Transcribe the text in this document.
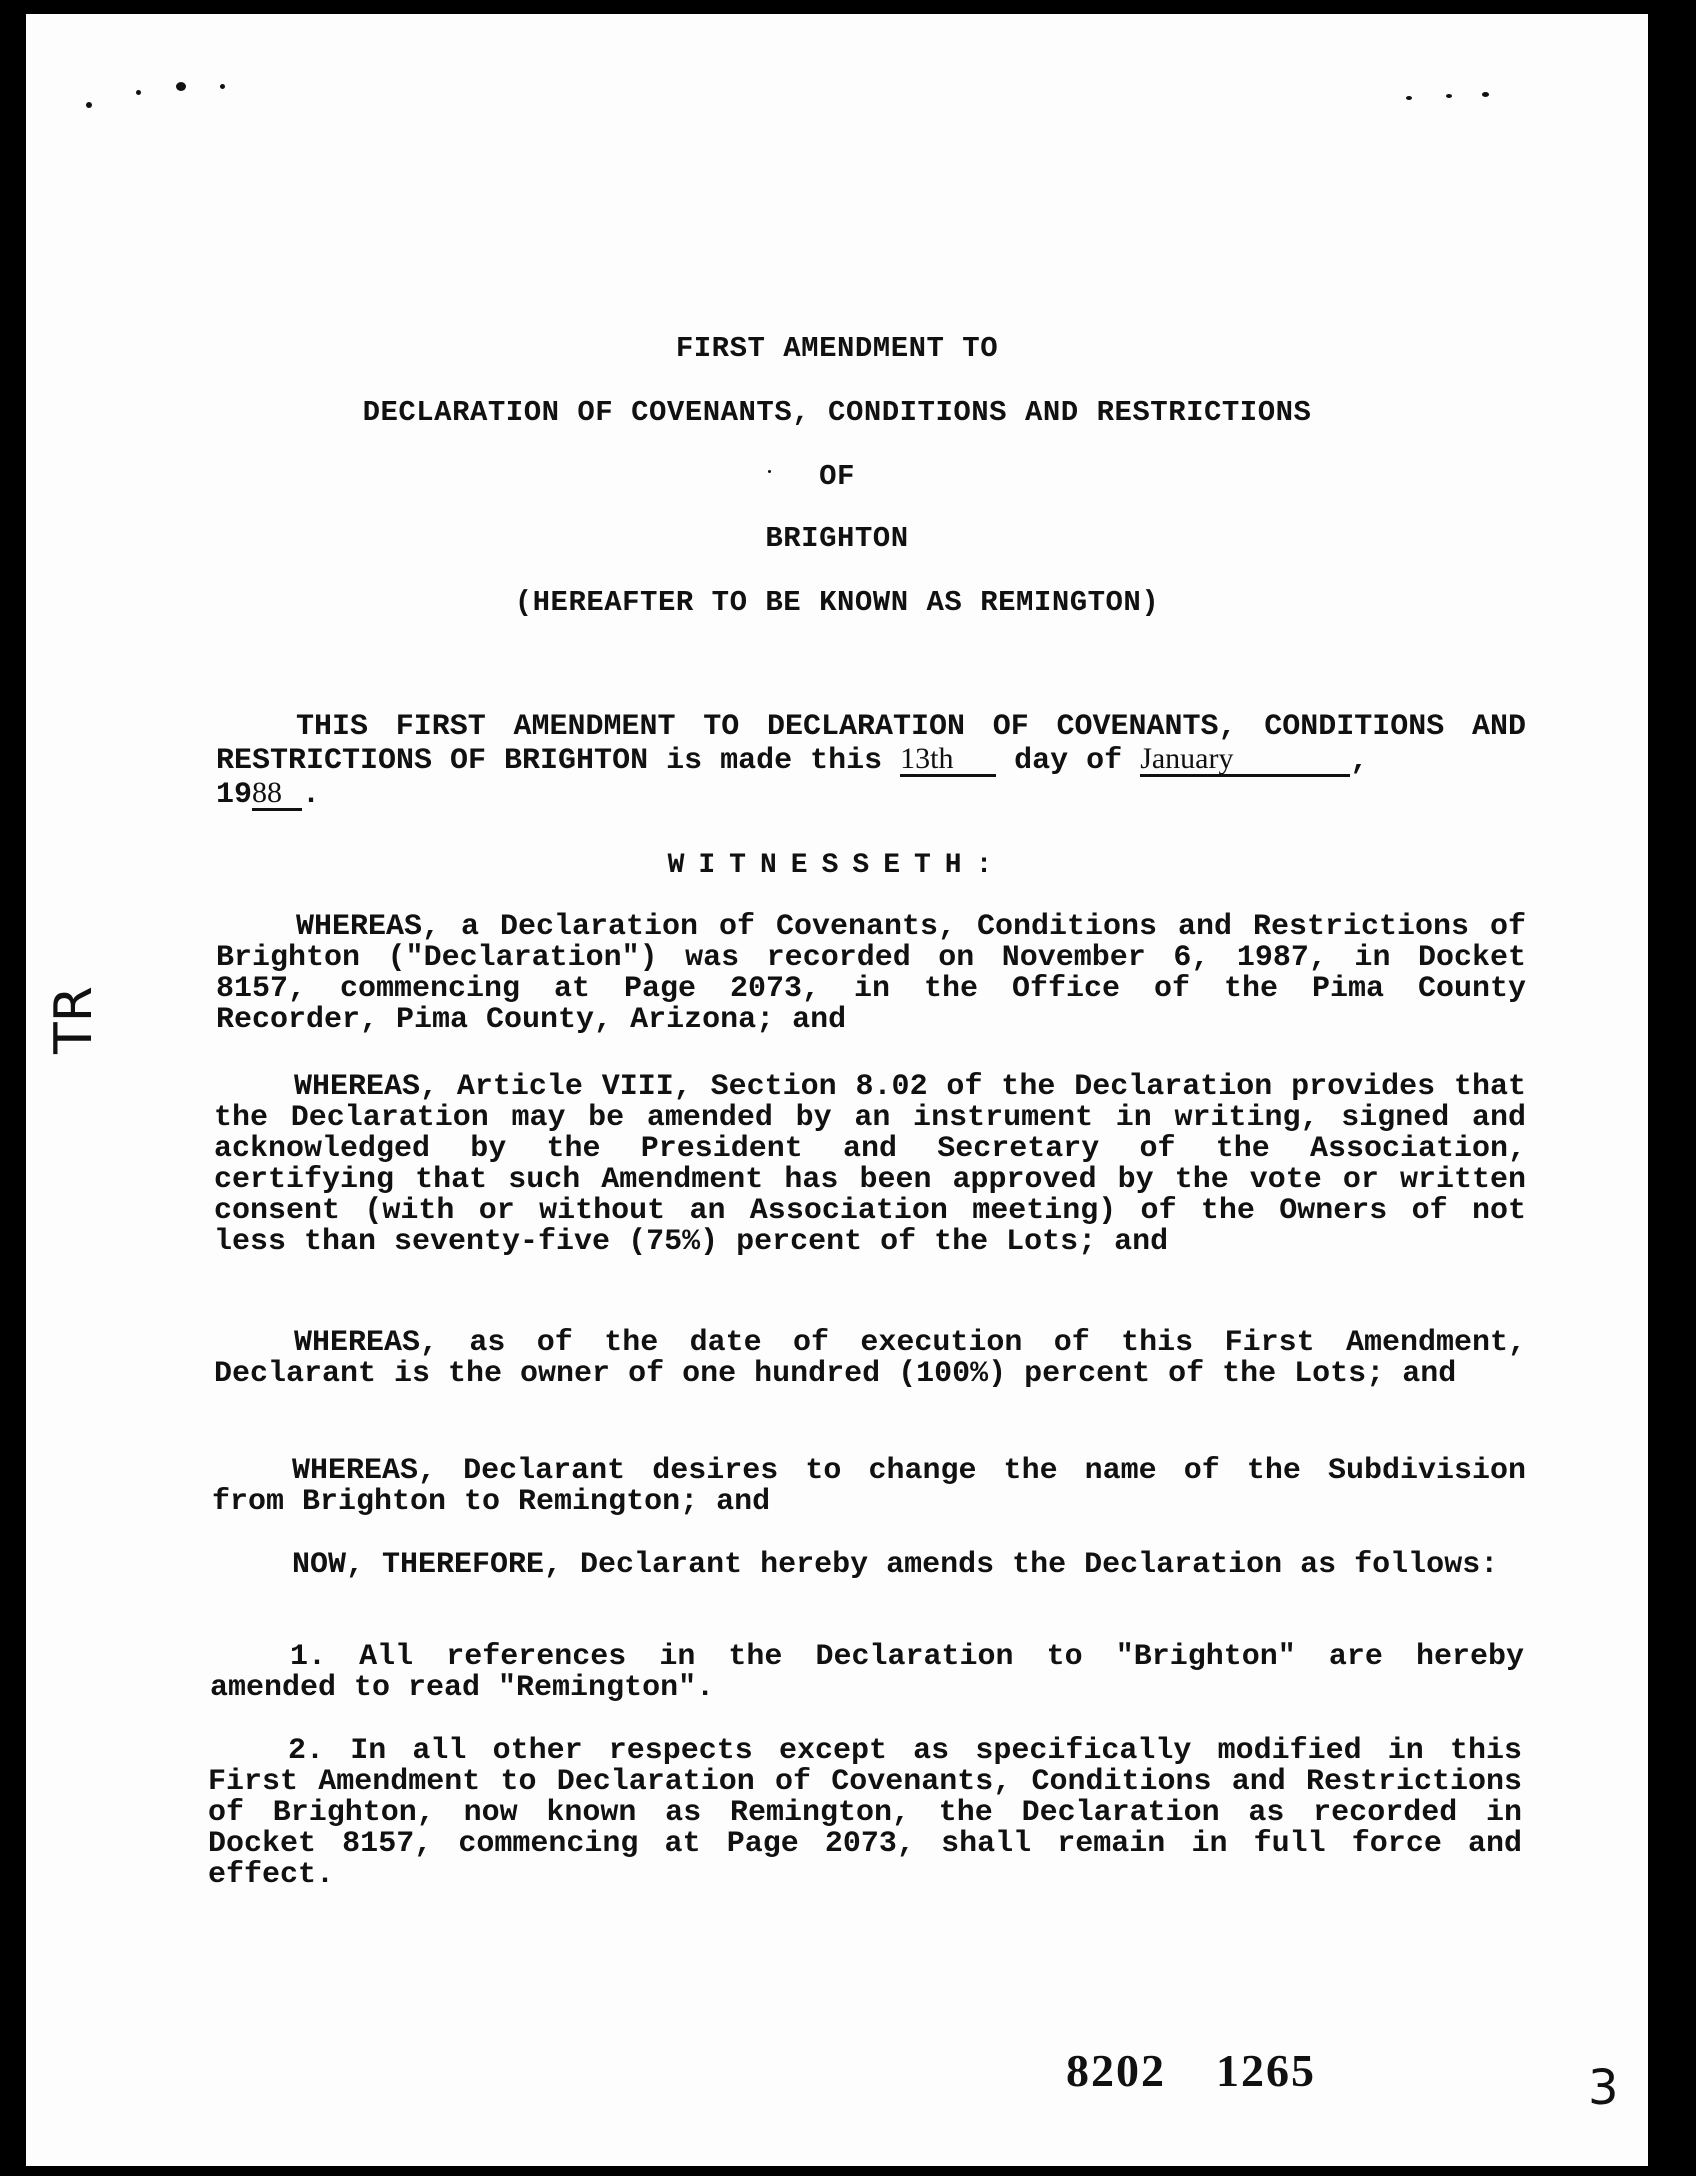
FIRST AMENDMENT TO
DECLARATION OF COVENANTS, CONDITIONS AND RESTRICTIONS
OF
BRIGHTON
(HEREAFTER TO BE KNOWN AS REMINGTON)
THIS FIRST AMENDMENT TO DECLARATION OF COVENANTS, CONDITIONS AND RESTRICTIONS OF BRIGHTON is made this 13th day of January	,
1988 .
WITNESSETH:
WHEREAS, a Declaration of Covenants, Conditions and Restrictions of Brighton ("Declaration") was recorded on November 6, 1987, in Docket 8157, commencing at Page 2073, in the Office of the Pima County Recorder, Pima County, Arizona; and
WHEREAS, Article VIII, Section 8.02 of the Declaration provides that the Declaration may be amended by an instrument in writing, signed and acknowledged by the President and Secretary of the Association, certifying that such Amendment has been approved by the vote or written consent (with or without an Association meeting) of the Owners of not less than seventy-five (75%) percent of the Lots; and
WHEREAS, as of the date of execution of this First Amendment, Declarant is the owner of one hundred (100%) percent of the Lots; and
WHEREAS, Declarant desires to change the name of the Subdivision from Brighton to Remington; and
NOW, THEREFORE, Declarant hereby amends the Declaration as follows:
1. All references in the Declaration to "Brighton" are hereby amended to read "Remington".
2. In all other respects except as specifically modified in this First Amendment to Declaration of Covenants, Conditions and Restrictions of Brighton, now known as Remington, the Declaration as recorded in Docket 8157, commencing at Page 2073, shall remain in full force and effect.
TR
8202 1265	3
